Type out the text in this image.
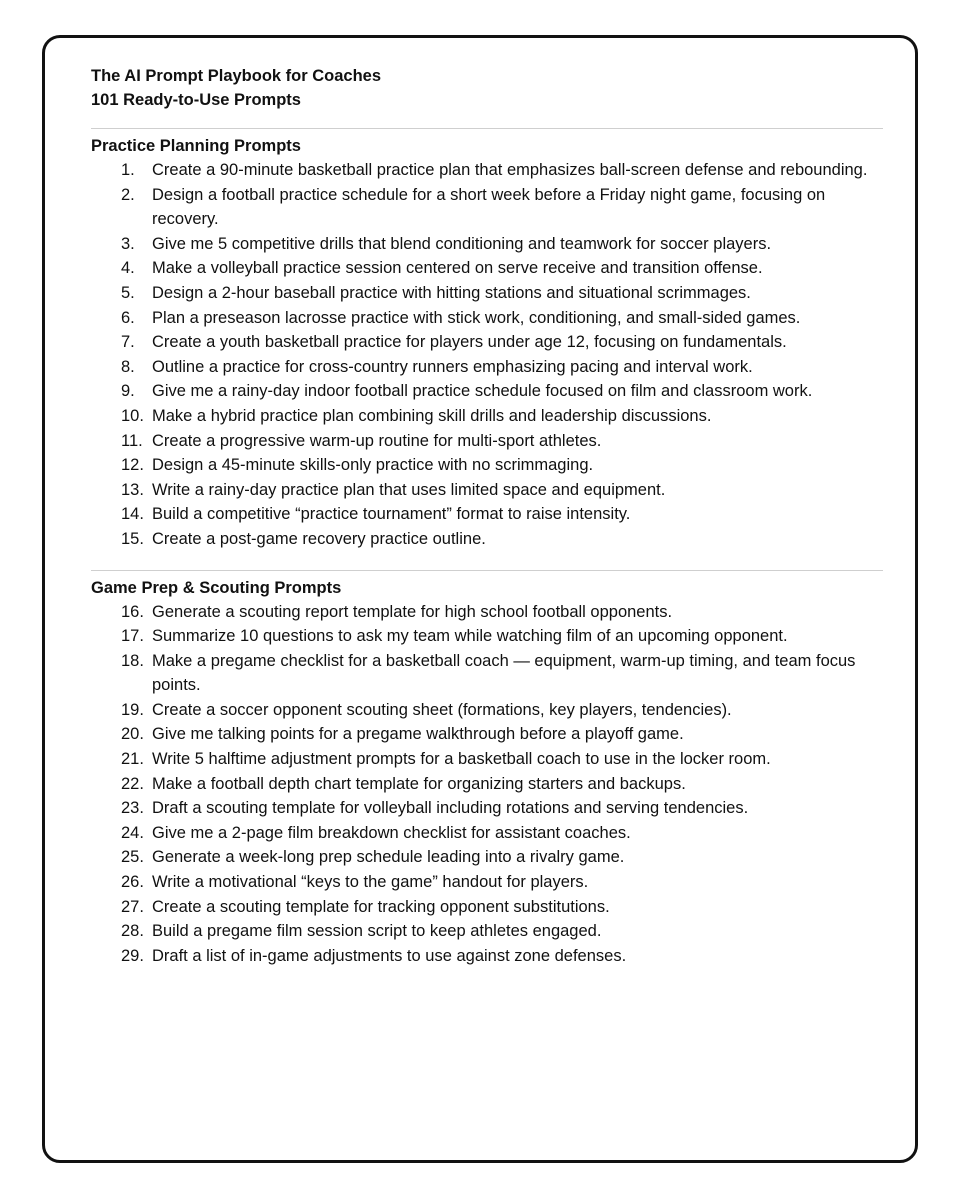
The AI Prompt Playbook for Coaches
101 Ready-to-Use Prompts
Practice Planning Prompts
1. Create a 90-minute basketball practice plan that emphasizes ball-screen defense and rebounding.
2. Design a football practice schedule for a short week before a Friday night game, focusing on recovery.
3. Give me 5 competitive drills that blend conditioning and teamwork for soccer players.
4. Make a volleyball practice session centered on serve receive and transition offense.
5. Design a 2-hour baseball practice with hitting stations and situational scrimmages.
6. Plan a preseason lacrosse practice with stick work, conditioning, and small-sided games.
7. Create a youth basketball practice for players under age 12, focusing on fundamentals.
8. Outline a practice for cross-country runners emphasizing pacing and interval work.
9. Give me a rainy-day indoor football practice schedule focused on film and classroom work.
10. Make a hybrid practice plan combining skill drills and leadership discussions.
11. Create a progressive warm-up routine for multi-sport athletes.
12. Design a 45-minute skills-only practice with no scrimmaging.
13. Write a rainy-day practice plan that uses limited space and equipment.
14. Build a competitive “practice tournament” format to raise intensity.
15. Create a post-game recovery practice outline.
Game Prep & Scouting Prompts
16. Generate a scouting report template for high school football opponents.
17. Summarize 10 questions to ask my team while watching film of an upcoming opponent.
18. Make a pregame checklist for a basketball coach — equipment, warm-up timing, and team focus points.
19. Create a soccer opponent scouting sheet (formations, key players, tendencies).
20. Give me talking points for a pregame walkthrough before a playoff game.
21. Write 5 halftime adjustment prompts for a basketball coach to use in the locker room.
22. Make a football depth chart template for organizing starters and backups.
23. Draft a scouting template for volleyball including rotations and serving tendencies.
24. Give me a 2-page film breakdown checklist for assistant coaches.
25. Generate a week-long prep schedule leading into a rivalry game.
26. Write a motivational “keys to the game” handout for players.
27. Create a scouting template for tracking opponent substitutions.
28. Build a pregame film session script to keep athletes engaged.
29. Draft a list of in-game adjustments to use against zone defenses.
